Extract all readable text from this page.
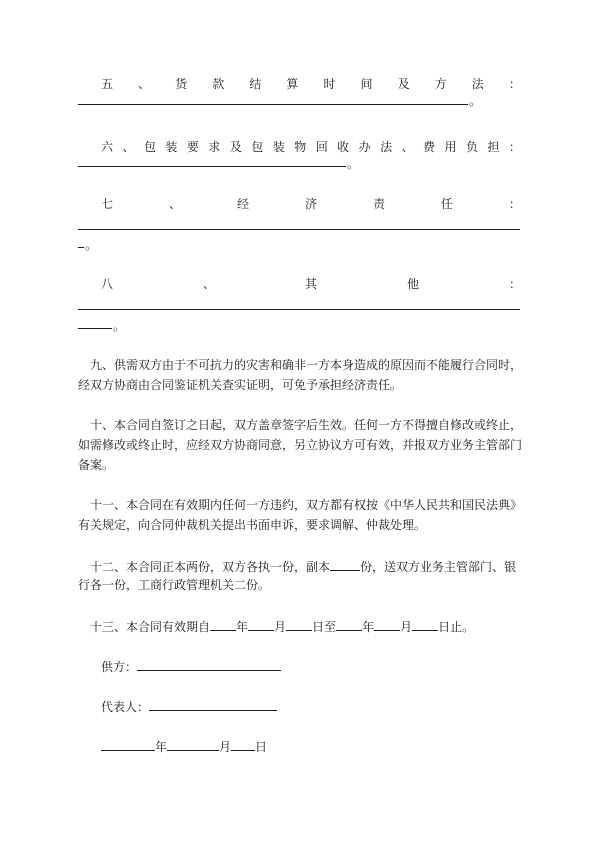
五 、 货 款 结 算 时 间 及 方 法 ：
。
六 、 包 装 要 求 及 包 装 物 回 收 办 法 、 费 用 负 担 ：
。
七	、	经	济	责	任	：
。
八	、	其	他	：
。
九、供需双方由于不可抗力的灾害和确非一方本身造成的原因而不能履行合同时，
经双方协商由合同鉴证机关查实证明，可免予承担经济责任。
十、本合同自签订之日起，双方盖章签字后生效。任何一方不得擅自修改或终止，
如需修改或终止时，应经双方协商同意，另立协议方可有效，并报双方业务主管部门
备案。
十一、本合同在有效期内任何一方违约，双方都有权按《中华人民共和国民法典》
有关规定，向合同仲裁机关提出书面申诉，要求调解、仲裁处理。
十二、本合同正本两份，双方各执一份，副本	份，送双方业务主管部门、银
行各一份，工商行政管理机关二份。
十三、本合同有效期自 年 月 日至 年 月 日止。
供方：
代表人：
年	月 日
